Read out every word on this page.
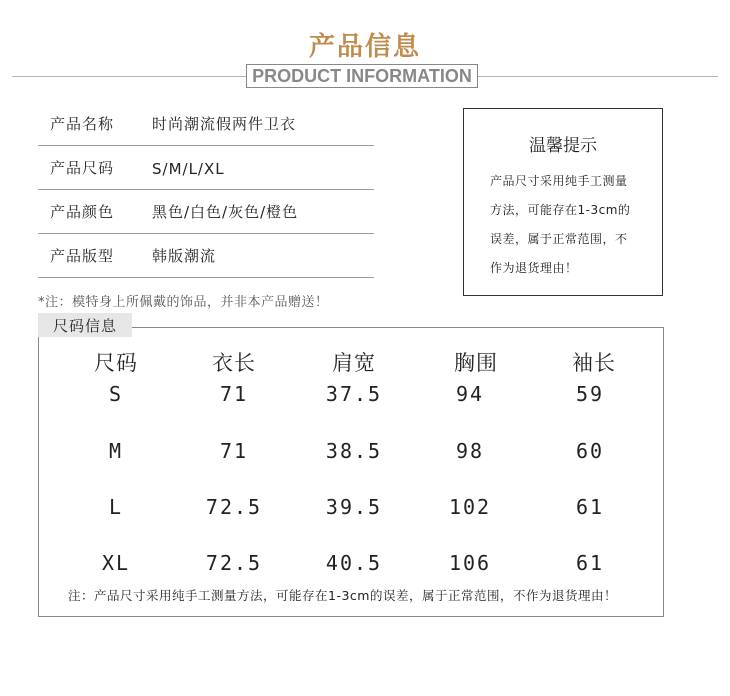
产品信息
PRODUCT INFORMATION
产品名称	时尚潮流假两件卫衣
产品尺码	S/M/L/XL
产品颜色	黑色/白色/灰色/橙色
产品版型	韩版潮流
*注：模特身上所佩戴的饰品，并非本产品赠送！
温馨提示
产品尺寸采用纯手工测量
方法，可能存在1-3cm的
误差，属于正常范围，不
作为退货理由！
尺码信息
尺码	衣长	肩宽	胸围	袖长
S	71	37.5	94	59
M	71	38.5	98	60
L	72.5	39.5	102	61
XL	72.5	40.5	106	61
注：产品尺寸采用纯手工测量方法，可能存在1-3cm的误差，属于正常范围，不作为退货理由！
